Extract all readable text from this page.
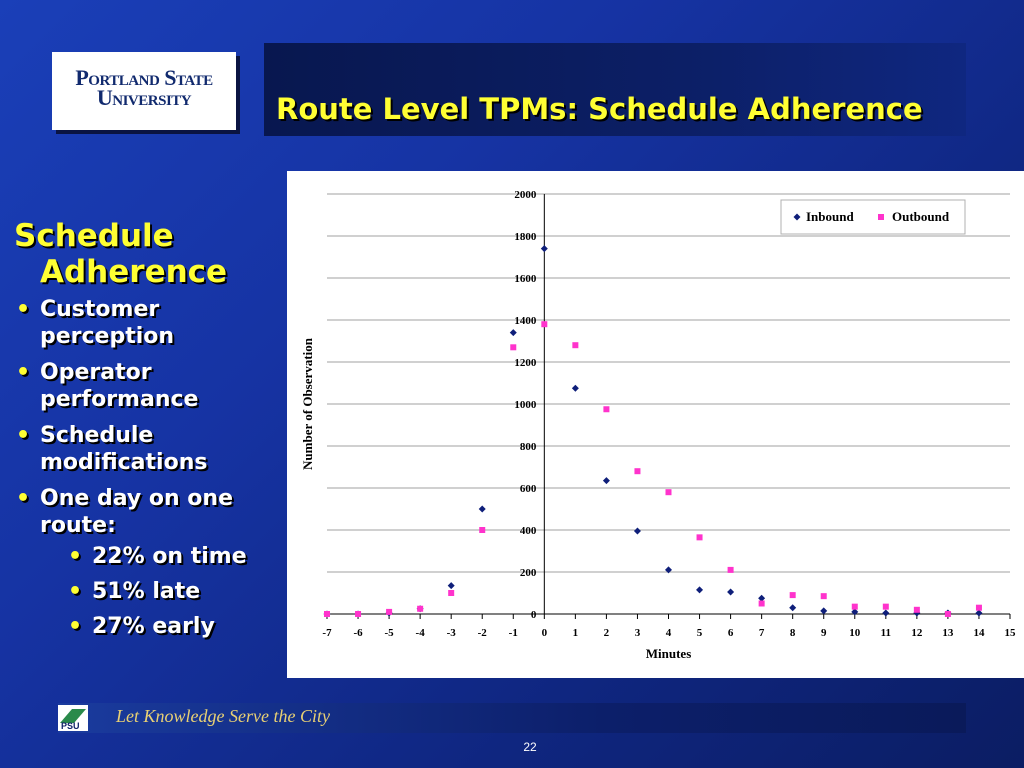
Portland State
University	Route Level TPMs: Schedule Adherence
Schedule
Adherence
• Customer perception
• Operator performance
• Schedule modifications
• One day on one route:
• 22% on time
• 51% late
• 27% early	0
200
400
600
800
1000
1200
1400
1600
1800
2000
-7 -6 -5 -4 -3 -2 -1 0 1 2 3 4 5 6 7 8 9 10 11 12 13 14 15
Minutes
Number of Observation
Inbound	Outbound
PSU Let Knowledge Serve the City
22
